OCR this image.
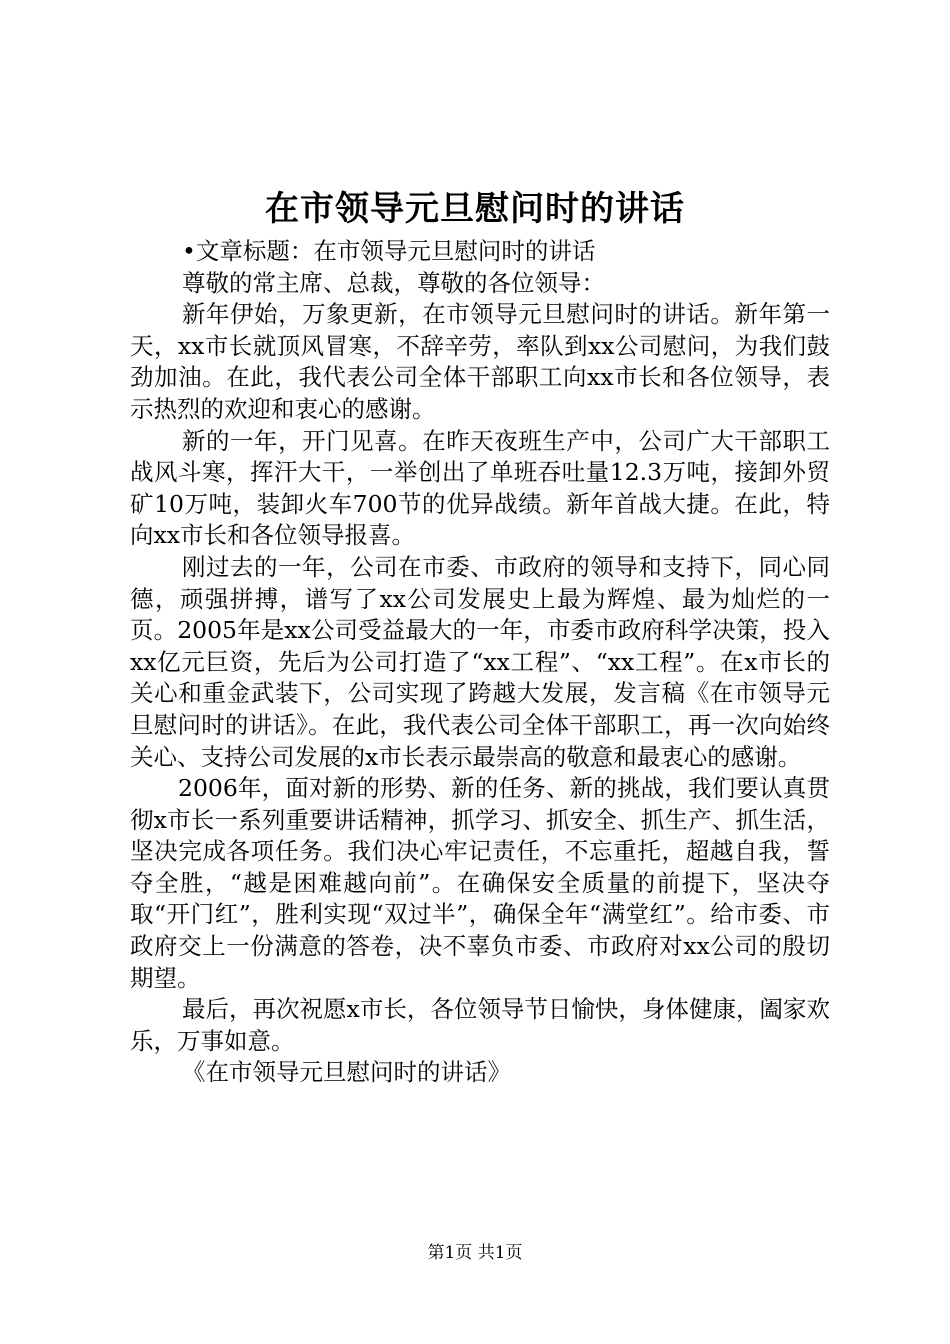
在市领导元旦慰问时的讲话

•文章标题：在市领导元旦慰问时的讲话

尊敬的常主席、总裁，尊敬的各位领导：

新年伊始，万象更新，在市领导元旦慰问时的讲话。新年第一天，xx市长就顶风冒寒，不辞辛劳，率队到xx公司慰问，为我们鼓劲加油。在此，我代表公司全体干部职工向xx市长和各位领导，表示热烈的欢迎和衷心的感谢。

新的一年，开门见喜。在昨天夜班生产中，公司广大干部职工战风斗寒，挥汗大干，一举创出了单班吞吐量12.3万吨，接卸外贸矿10万吨，装卸火车700节的优异战绩。新年首战大捷。在此，特向xx市长和各位领导报喜。

刚过去的一年，公司在市委、市政府的领导和支持下，同心同德，顽强拼搏，谱写了xx公司发展史上最为辉煌、最为灿烂的一页。2005年是xx公司受益最大的一年，市委市政府科学决策，投入xx亿元巨资，先后为公司打造了“xx工程”、“xx工程”。在x市长的关心和重金武装下，公司实现了跨越大发展，发言稿《在市领导元旦慰问时的讲话》。在此，我代表公司全体干部职工，再一次向始终关心、支持公司发展的x市长表示最崇高的敬意和最衷心的感谢。

2006年，面对新的形势、新的任务、新的挑战，我们要认真贯彻x市长一系列重要讲话精神，抓学习、抓安全、抓生产、抓生活，坚决完成各项任务。我们决心牢记责任，不忘重托，超越自我，誓夺全胜，“越是困难越向前”。在确保安全质量的前提下，坚决夺取“开门红”，胜利实现“双过半”，确保全年“满堂红”。给市委、市政府交上一份满意的答卷，决不辜负市委、市政府对xx公司的殷切期望。

最后，再次祝愿x市长，各位领导节日愉快，身体健康，阖家欢乐，万事如意。

《在市领导元旦慰问时的讲话》

第1页 共1页
